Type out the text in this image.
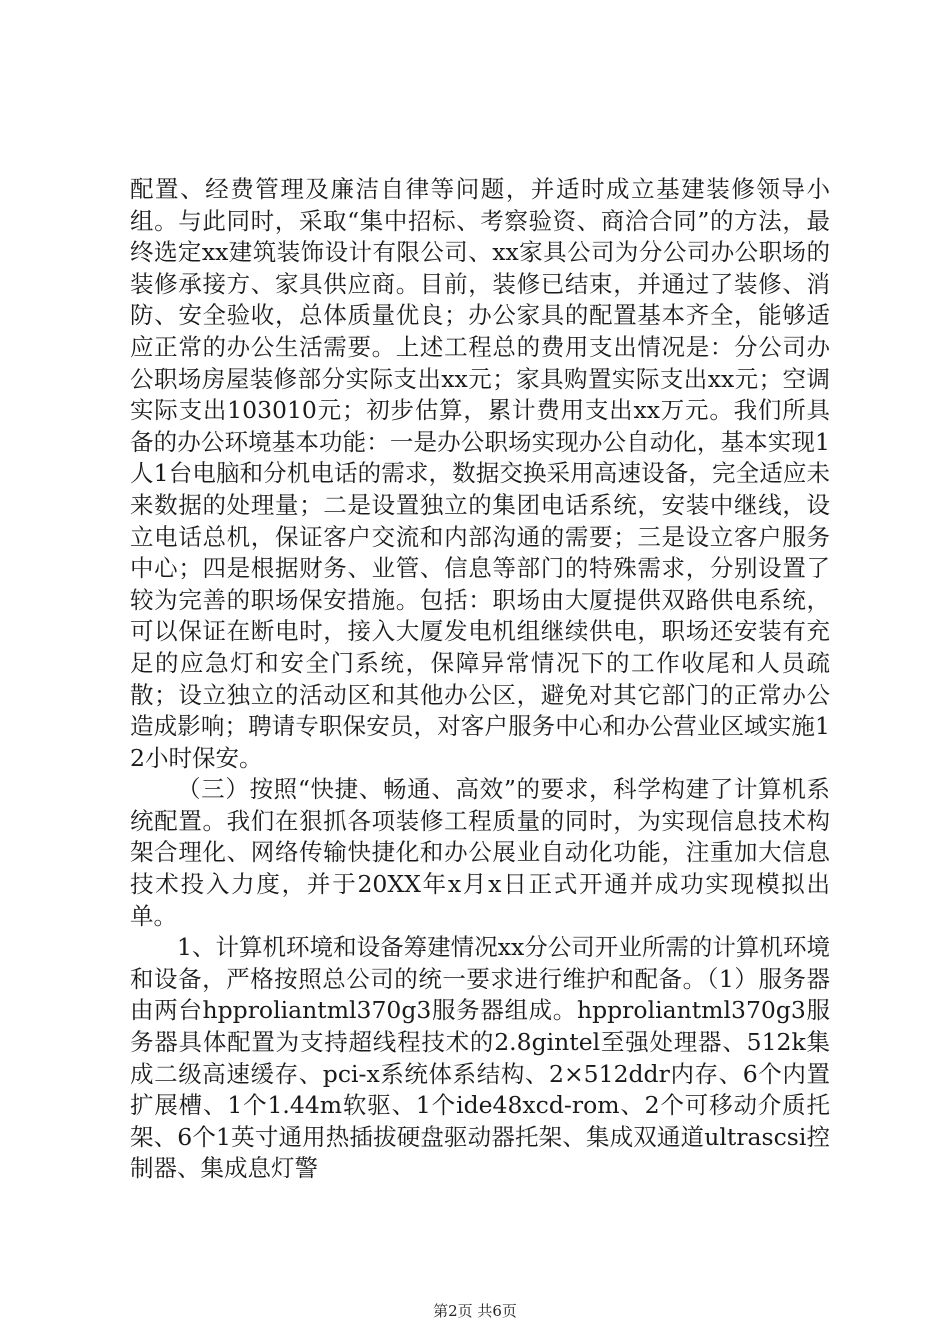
配置、经费管理及廉洁自律等问题，并适时成立基建装修领导小组。与此同时，采取“集中招标、考察验资、商洽合同”的方法，最终选定xx建筑装饰设计有限公司、xx家具公司为分公司办公职场的装修承接方、家具供应商。目前，装修已结束，并通过了装修、消防、安全验收，总体质量优良；办公家具的配置基本齐全，能够适应正常的办公生活需要。上述工程总的费用支出情况是：分公司办公职场房屋装修部分实际支出xx元；家具购置实际支出xx元；空调实际支出103010元；初步估算，累计费用支出xx万元。我们所具备的办公环境基本功能：一是办公职场实现办公自动化，基本实现1人1台电脑和分机电话的需求，数据交换采用高速设备，完全适应未来数据的处理量；二是设置独立的集团电话系统，安装中继线，设立电话总机，保证客户交流和内部沟通的需要；三是设立客户服务中心；四是根据财务、业管、信息等部门的特殊需求，分别设置了较为完善的职场保安措施。包括：职场由大厦提供双路供电系统，可以保证在断电时，接入大厦发电机组继续供电，职场还安装有充足的应急灯和安全门系统，保障异常情况下的工作收尾和人员疏散；设立独立的活动区和其他办公区，避免对其它部门的正常办公造成影响；聘请专职保安员，对客户服务中心和办公营业区域实施12小时保安。

（三）按照“快捷、畅通、高效”的要求，科学构建了计算机系统配置。我们在狠抓各项装修工程质量的同时，为实现信息技术构架合理化、网络传输快捷化和办公展业自动化功能，注重加大信息技术投入力度，并于20XX年x月x日正式开通并成功实现模拟出单。

1、计算机环境和设备筹建情况xx分公司开业所需的计算机环境和设备，严格按照总公司的统一要求进行维护和配备。（1）服务器由两台hpproliantml370g3服务器组成。hpproliantml370g3服务器具体配置为支持超线程技术的2.8gintel至强处理器、512k集成二级高速缓存、pci-x系统体系结构、2×512ddr内存、6个内置扩展槽、1个1.44m软驱、1个ide48xcd-rom、2个可移动介质托架、6个1英寸通用热插拔硬盘驱动器托架、集成双通道ultrascsi控制器、集成息灯警

第2页 共6页
